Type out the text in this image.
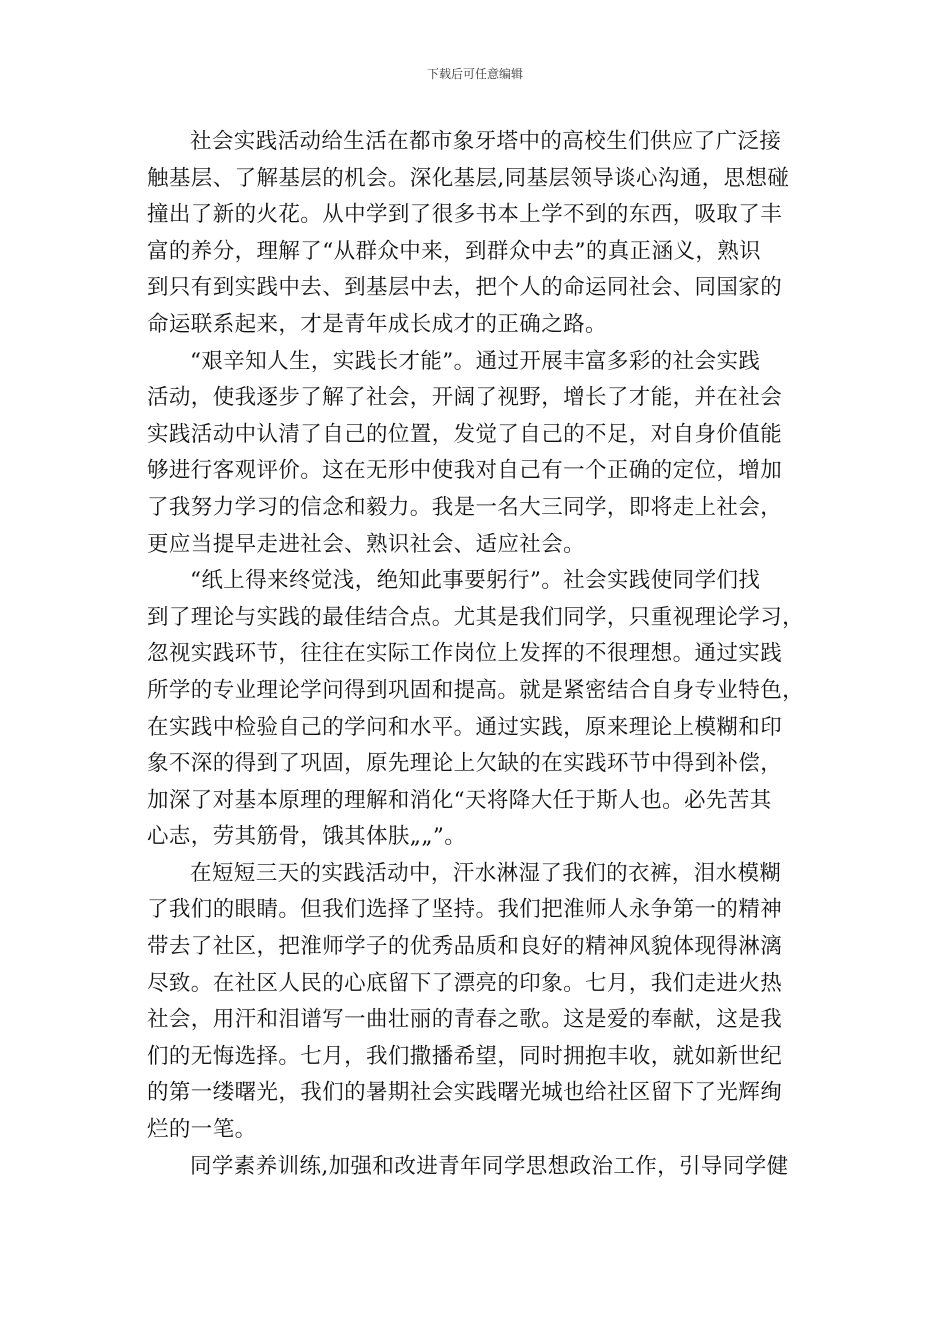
下载后可任意编辑
社会实践活动给生活在都市象牙塔中的高校生们供应了广泛接
触基层、了解基层的机会。深化基层,同基层领导谈心沟通，思想碰
撞出了新的火花。从中学到了很多书本上学不到的东西，吸取了丰
富的养分，理解了“从群众中来，到群众中去”的真正涵义，熟识
到只有到实践中去、到基层中去，把个人的命运同社会、同国家的
命运联系起来，才是青年成长成才的正确之路。
“艰辛知人生，实践长才能”。通过开展丰富多彩的社会实践
活动，使我逐步了解了社会，开阔了视野，增长了才能，并在社会
实践活动中认清了自己的位置，发觉了自己的不足，对自身价值能
够进行客观评价。这在无形中使我对自己有一个正确的定位，增加
了我努力学习的信念和毅力。我是一名大三同学，即将走上社会，
更应当提早走进社会、熟识社会、适应社会。
“纸上得来终觉浅，绝知此事要躬行”。社会实践使同学们找
到了理论与实践的最佳结合点。尤其是我们同学，只重视理论学习，
忽视实践环节，往往在实际工作岗位上发挥的不很理想。通过实践
所学的专业理论学问得到巩固和提高。就是紧密结合自身专业特色，
在实践中检验自己的学问和水平。通过实践，原来理论上模糊和印
象不深的得到了巩固，原先理论上欠缺的在实践环节中得到补偿，
加深了对基本原理的理解和消化“天将降大任于斯人也。必先苦其
心志，劳其筋骨，饿其体肤„„”。
在短短三天的实践活动中，汗水淋湿了我们的衣裤，泪水模糊
了我们的眼睛。但我们选择了坚持。我们把淮师人永争第一的精神
带去了社区，把淮师学子的优秀品质和良好的精神风貌体现得淋漓
尽致。在社区人民的心底留下了漂亮的印象。七月，我们走进火热
社会，用汗和泪谱写一曲壮丽的青春之歌。这是爱的奉献，这是我
们的无悔选择。七月，我们撒播希望，同时拥抱丰收，就如新世纪
的第一缕曙光，我们的暑期社会实践曙光城也给社区留下了光辉绚
烂的一笔。
同学素养训练,加强和改进青年同学思想政治工作，引导同学健
